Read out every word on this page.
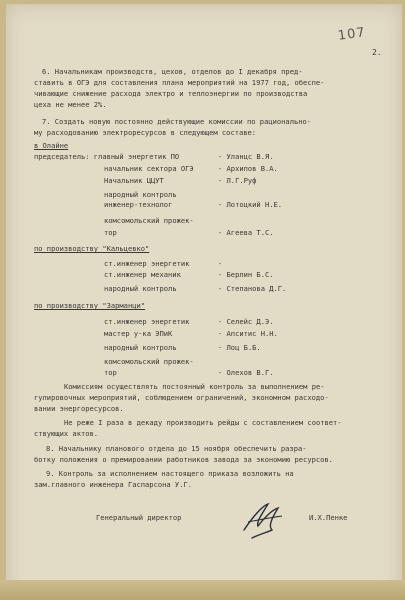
107
2.
6. Начальникам производств, цехов, отделов до I декабря пред-
ставить в ОГЭ для составления плана мероприятий на 1977 год, обеспе-
чивающие снижение расхода электро и теплоэнергии по производства
цеха не менее 2%.
7. Создать новую постоянно действующие комиссии по рационально-
му расходованию электроресурсов в следующем составе:
в Олайне
председатель: главный энергетик ПО	- Уланцс В.Я.
начальник сектора ОГЭ	- Архипов В.А.
Начальник ЦЦУТ	- Л.Г.Руф
народный контроль
инженер-технолог	- Лотоцкий Н.Е.
комсомольский прожек-
тор	- Агеева Т.С.
по производству "Кальцевко"
ст.инженер энергетик	-
ст.инженер механик	- Берлин Б.С.
народный контроль	- Степанова Д.Г.
по производству "Зарманци"
ст.инженер энергетик	- Селейс Д.Э.
мастер у-ка ЭПиК	- Апситис Н.Н.
народный контроль	- Лоц Б.Б.
комсомольский прожек-
тор	- Олехов В.Г.
Комиссиям осуществлять постоянный контроль за выполнением ре-
гулировочных мероприятий, соблюдением ограничений, экономном расходо-
вании энергоресурсов.
Не реже I раза в декаду производить рейды с составлением соответ-
ствующих актов.
8. Начальнику планового отдела до 15 ноября обеспечить разра-
ботку положения о премировании работников завода за экономию ресурсов.
9. Контроль за исполнением настоящего приказа возложить на
зам.главного инженера Гаспарсона У.Г.
Генеральный директор	И.Х.Пенке
